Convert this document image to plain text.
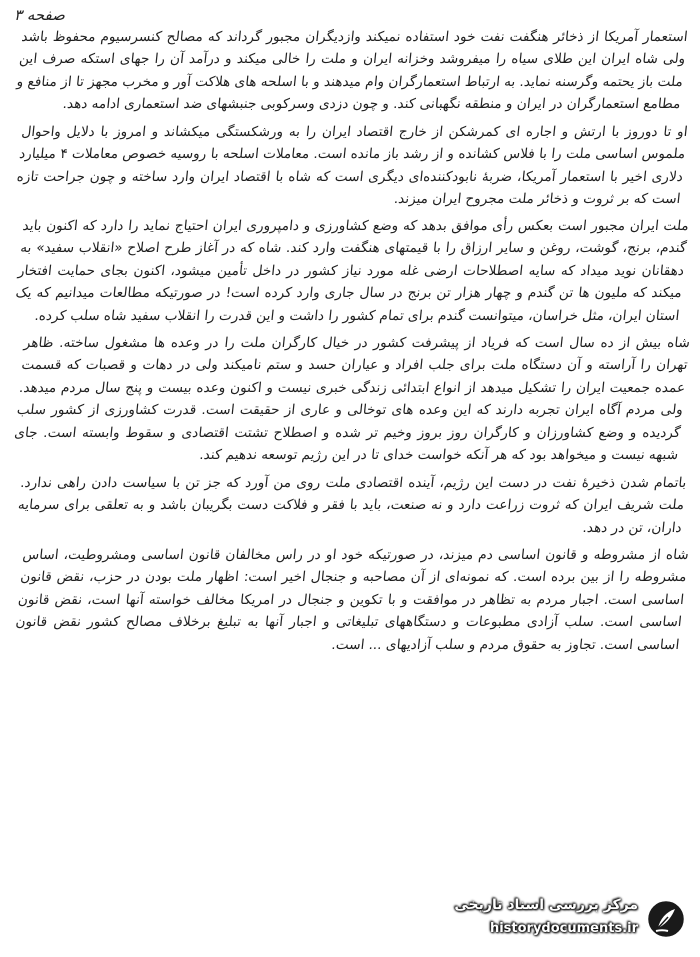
صفحه ۳

استعمار آمریکا از ذخائر هنگفت نفت خود استفاده نمیکند وازدیگران مجبور گرداند که مصالح کنسرسیوم محفوظ باشد ولی شاه ایران این طلای سیاه را میفروشد وخزانه ایران و ملت را خالی میکند و درآمد آن را جهای استکه صرف این ملت باز یحتمه وگرسنه نماید. به ارتباط استعمارگران وام میدهند و با اسلحه های هلاکت آور و مخرب مجهز تا از منافع و مطامع استعمارگران در ایران و منطقه نگهبانی کند. و چون دزدی وسرکوبی جنبشهای ضد استعماری ادامه دهد.

او تا دوروز با ارتش و اجاره ای کمرشکن از خارج اقتصاد ایران را به ورشکستگی میکشاند و امروز با دلایل واحوال ملموس اساسی ملت را با فلاس کشانده و از رشد باز مانده است. معاملات اسلحه با روسیه خصوص معاملات ۴ میلیارد دلاری اخیر با استعمار آمریکا، ضربۀ نابودکننده‌ای دیگری است که شاه با اقتصاد ایران وارد ساخته و چون جراحت تازه است که بر ثروت و ذخائر ملت مجروح ایران میزند.

ملت ایران مجبور است بعکس رأی موافق بدهد که وضع کشاورزی و دامپروری ایران احتیاج نماید را دارد که اکنون باید گندم، برنج، گوشت، روغن و سایر ارزاق را با قیمتهای هنگفت وارد کند. شاه که در آغاز طرح اصلاح «انقلاب سفید» به دهقانان نوید میداد که سایه اصطلاحات ارضی غله مورد نیاز کشور در داخل تأمین میشود، اکنون بجای حمایت افتخار میکند که ملیون ها تن گندم و چهار هزار تن برنج در سال جاری وارد کرده است! در صورتیکه مطالعات میدانیم که یک استان ایران، مثل خراسان، میتوانست گندم برای تمام کشور را داشت و این قدرت را انقلاب سفید شاه سلب کرده.

شاه بیش از ده سال است که فریاد از پیشرفت کشور در خیال کارگران ملت را در وعده ها مشغول ساخته. ظاهر تهران را آراسته و آن دستگاه ملت برای جلب افراد و عیاران حسد و ستم نامیکند ولی در دهات و قصبات که قسمت عمده جمعیت ایران را تشکیل میدهد از انواع ابتدائی زندگی خبری نیست و اکنون وعده بیست و پنج سال مردم میدهد. ولی مردم آگاه ایران تجربه دارند که این وعده های توخالی و عاری از حقیقت است. قدرت کشاورزی از کشور سلب گردیده و وضع کشاورزان و کارگران روز بروز وخیم تر شده و اصطلاح تشتت اقتصادی و سقوط وابسته است. جای شبهه نیست و میخواهد بود که هر آنکه خواست خدای تا در این رژیم توسعه ندهیم کند.

باتمام شدن ذخیرۀ نفت در دست این رژیم، آینده اقتصادی ملت روی من آورد که جز تن با سیاست دادن راهی ندارد. ملت شریف ایران که ثروت زراعت دارد و نه صنعت، باید با فقر و فلاکت دست بگریبان باشد و به تعلقی برای سرمایه داران، تن در دهد.

شاه از مشروطه و قانون اساسی دم میزند، در صورتیکه خود او در راس مخالفان قانون اساسی ومشروطیت، اساس مشروطه را از بین برده است. که نمونه‌ای از آن مصاحبه و جنجال اخیر است: اظهار ملت بودن در حزب، نقض قانون اساسی است. اجبار مردم به تظاهر در موافقت و با تکوین و جنجال در امریکا مخالف خواسته آنها است، نقض قانون اساسی است. سلب آزادی مطبوعات و دستگاههای تبلیغاتی و اجبار آنها به تبلیغ برخلاف مصالح کشور نقض قانون اساسی است. تجاوز به حقوق مردم و سلب آزادیهای ... است.

مرکز بررسی اسناد تاریخی
historydocuments.ir
